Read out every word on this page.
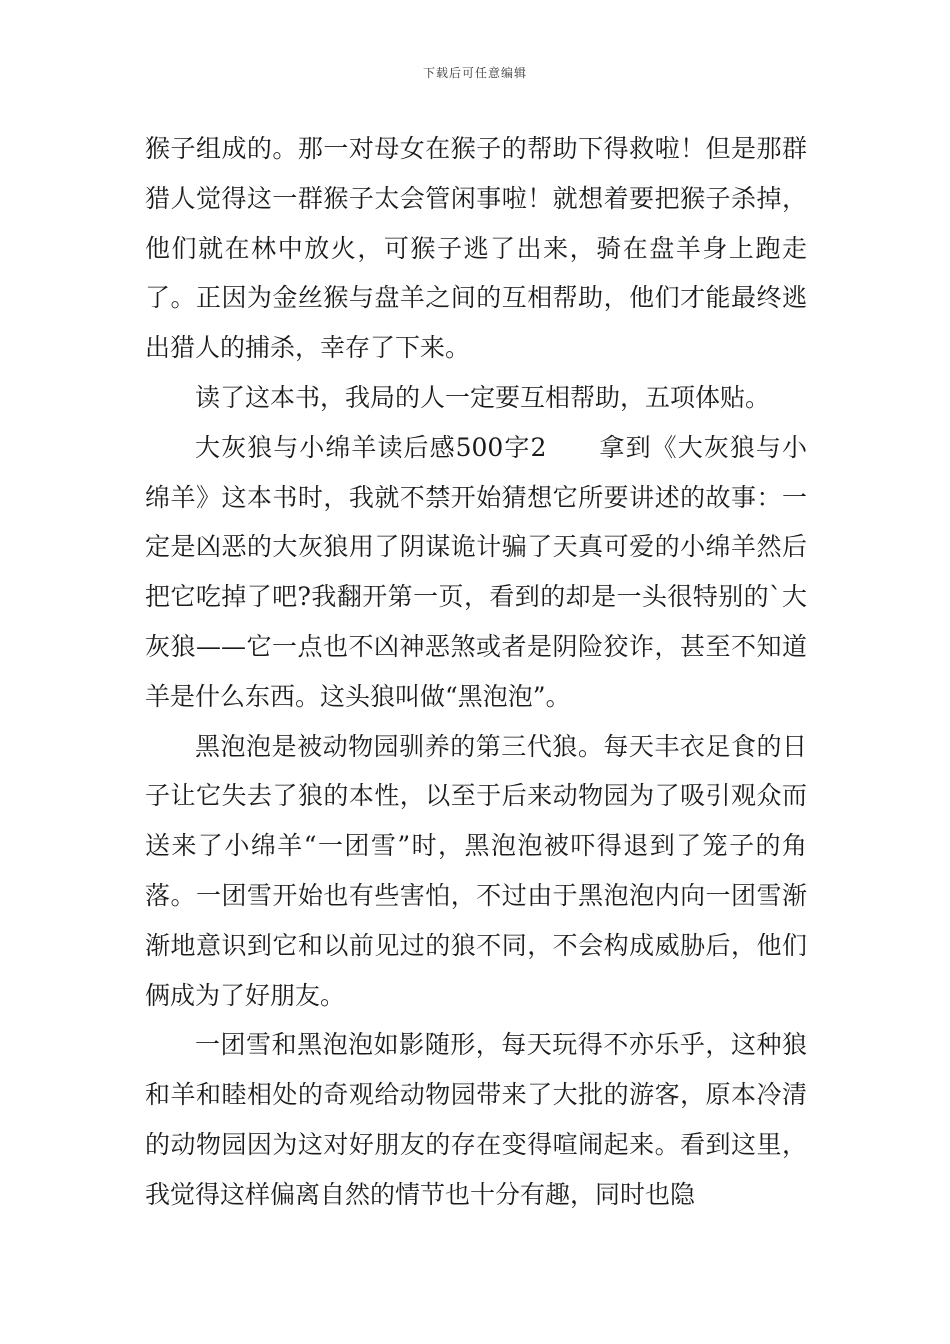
下载后可任意编辑

猴子组成的。那一对母女在猴子的帮助下得救啦！但是那群猎人觉得这一群猴子太会管闲事啦！就想着要把猴子杀掉，他们就在林中放火，可猴子逃了出来，骑在盘羊身上跑走了。正因为金丝猴与盘羊之间的互相帮助，他们才能最终逃出猎人的捕杀，幸存了下来。

读了这本书，我局的人一定要互相帮助，五项体贴。

大灰狼与小绵羊读后感500字2　　拿到《大灰狼与小绵羊》这本书时，我就不禁开始猜想它所要讲述的故事：一定是凶恶的大灰狼用了阴谋诡计骗了天真可爱的小绵羊然后把它吃掉了吧?我翻开第一页，看到的却是一头很特别的`大灰狼——它一点也不凶神恶煞或者是阴险狡诈，甚至不知道羊是什么东西。这头狼叫做“黑泡泡”。

黑泡泡是被动物园驯养的第三代狼。每天丰衣足食的日子让它失去了狼的本性，以至于后来动物园为了吸引观众而送来了小绵羊“一团雪”时，黑泡泡被吓得退到了笼子的角落。一团雪开始也有些害怕，不过由于黑泡泡内向一团雪渐渐地意识到它和以前见过的狼不同，不会构成威胁后，他们俩成为了好朋友。

一团雪和黑泡泡如影随形，每天玩得不亦乐乎，这种狼和羊和睦相处的奇观给动物园带来了大批的游客，原本冷清的动物园因为这对好朋友的存在变得喧闹起来。看到这里，我觉得这样偏离自然的情节也十分有趣，同时也隐
